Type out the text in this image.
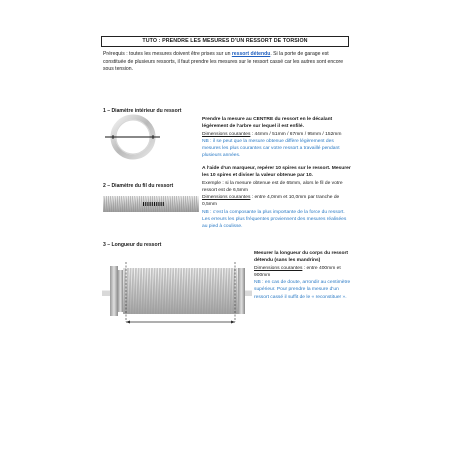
TUTO : PRENDRE LES MESURES D’UN RESSORT DE TORSION
Prérequis : toutes les mesures doivent être prises sur un ressort détendu. Si la porte de garage est constituée de plusieurs ressorts, il faut prendre les mesures sur le ressort cassé car les autres sont encore sous tension.
1 – Diamètre intérieur du ressort
Prendre la mesure au CENTRE du ressort en le décalant légèrement de l’arbre sur lequel il est enfilé.
Dimensions courantes : 44mm / 51mm / 67mm / 95mm / 152mm
NB : il se peut que la mesure obtenue diffère légèrement des mesures les plus courantes car votre ressort a travaillé pendant plusieurs années.
2 – Diamètre du fil du ressort
A l’aide d’un marqueur, repérer 10 spires sur le ressort. Mesurer les 10 spires et diviser la valeur obtenue par 10.
Exemple : si la mesure obtenue est de 65mm, alors le fil de votre ressort est de 6,5mm
Dimensions courantes : entre 4,0mm et 10,0mm par tranche de 0,5mm
NB : c’est la composante la plus importante de la force du ressort. Les erreurs les plus fréquentes proviennent des mesures réalisées au pied à coulisse.
3 – Longueur du ressort
Mesurer la longueur du corps du ressort détendu (sans les mandrins)
Dimensions courantes : entre 400mm et 900mm
NB : en cas de doute, arrondir au centimètre supérieur. Pour prendre la mesure d’un ressort cassé il suffit de le « reconstituer ».
